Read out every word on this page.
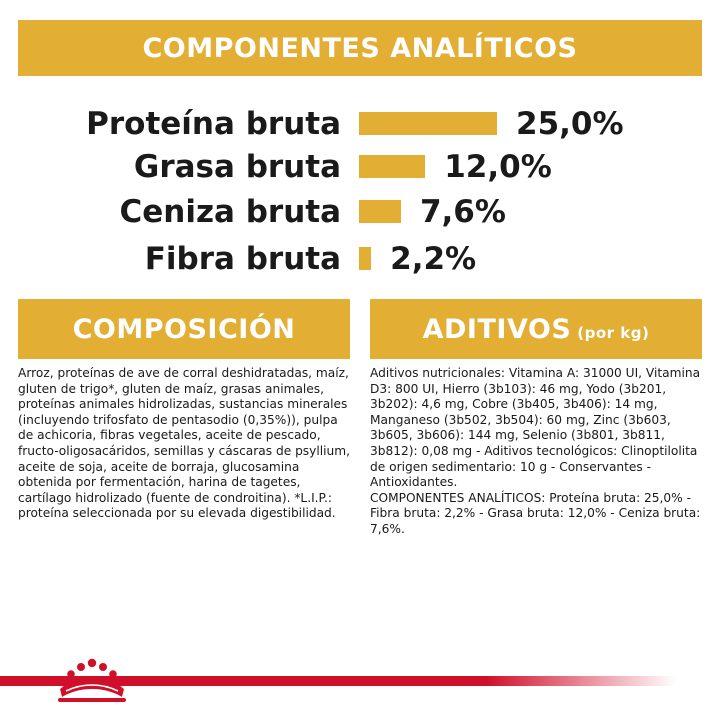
COMPONENTES ANALÍTICOS
Proteína bruta	25,0%
Grasa bruta	12,0%
Ceniza bruta	7,6%
Fibra bruta 2,2%
COMPOSICIÓN
Arroz, proteínas de ave de corral deshidratadas, maíz, gluten de trigo*, gluten de maíz, grasas animales, proteínas animales hidrolizadas, sustancias minerales (incluyendo trifosfato de pentasodio (0,35%)), pulpa de achicoria, fibras vegetales, aceite de pescado, fructo-oligosacáridos, semillas y cáscaras de psyllium, aceite de soja, aceite de borraja, glucosamina obtenida por fermentación, harina de tagetes, cartílago hidrolizado (fuente de condroitina). *L.I.P.: proteína seleccionada por su elevada digestibilidad.
ADITIVOS (por kg)

Aditivos nutricionales: Vitamina A: 31000 UI, Vitamina D3: 800 UI, Hierro (3b103): 46 mg, Yodo (3b201, 3b202): 4,6 mg, Cobre (3b405, 3b406): 14 mg, Manganeso (3b502, 3b504): 60 mg, Zinc (3b603, 3b605, 3b606): 144 mg, Selenio (3b801, 3b811, 3b812): 0,08 mg - Aditivos tecnológicos: Clinoptilolita de origen sedimentario: 10 g - Conservantes - Antioxidantes.

COMPONENTES ANALÍTICOS: Proteína bruta: 25,0% - Fibra bruta: 2,2% - Grasa bruta: 12,0% - Ceniza bruta: 7,6%.
